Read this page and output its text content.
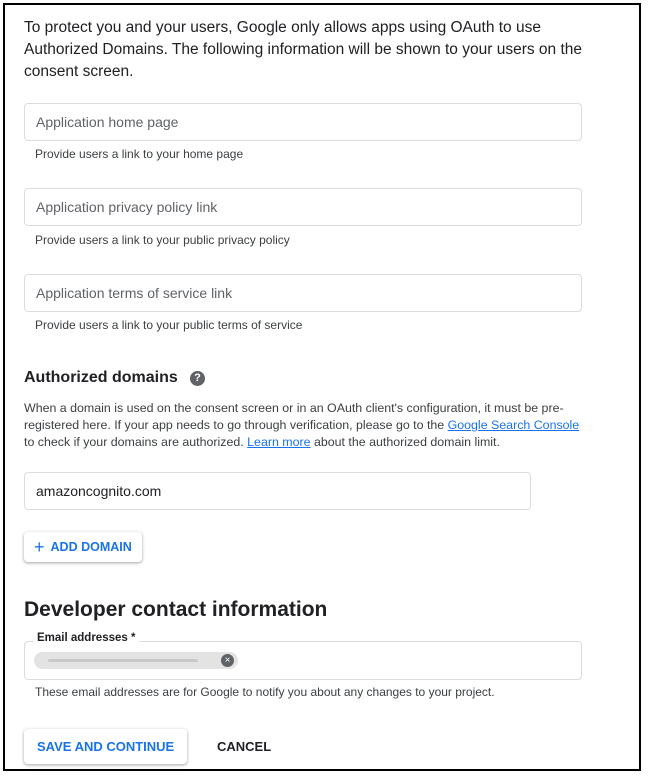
To protect you and your users, Google only allows apps using OAuth to use Authorized Domains. The following information will be shown to your users on the consent screen.

Application home page
Provide users a link to your home page
Application privacy policy link
Provide users a link to your public privacy policy
Application terms of service link
Provide users a link to your public terms of service
Authorized domains	?

When a domain is used on the consent screen or in an OAuth client's configuration, it must be pre-registered here. If your app needs to go through verification, please go to the Google Search Console to check if your domains are authorized. Learn more about the authorized domain limit.

amazoncognito.com
+ ADD DOMAIN
Developer contact information
Email addresses *
×
These email addresses are for Google to notify you about any changes to your project.
SAVE AND CONTINUE	CANCEL
